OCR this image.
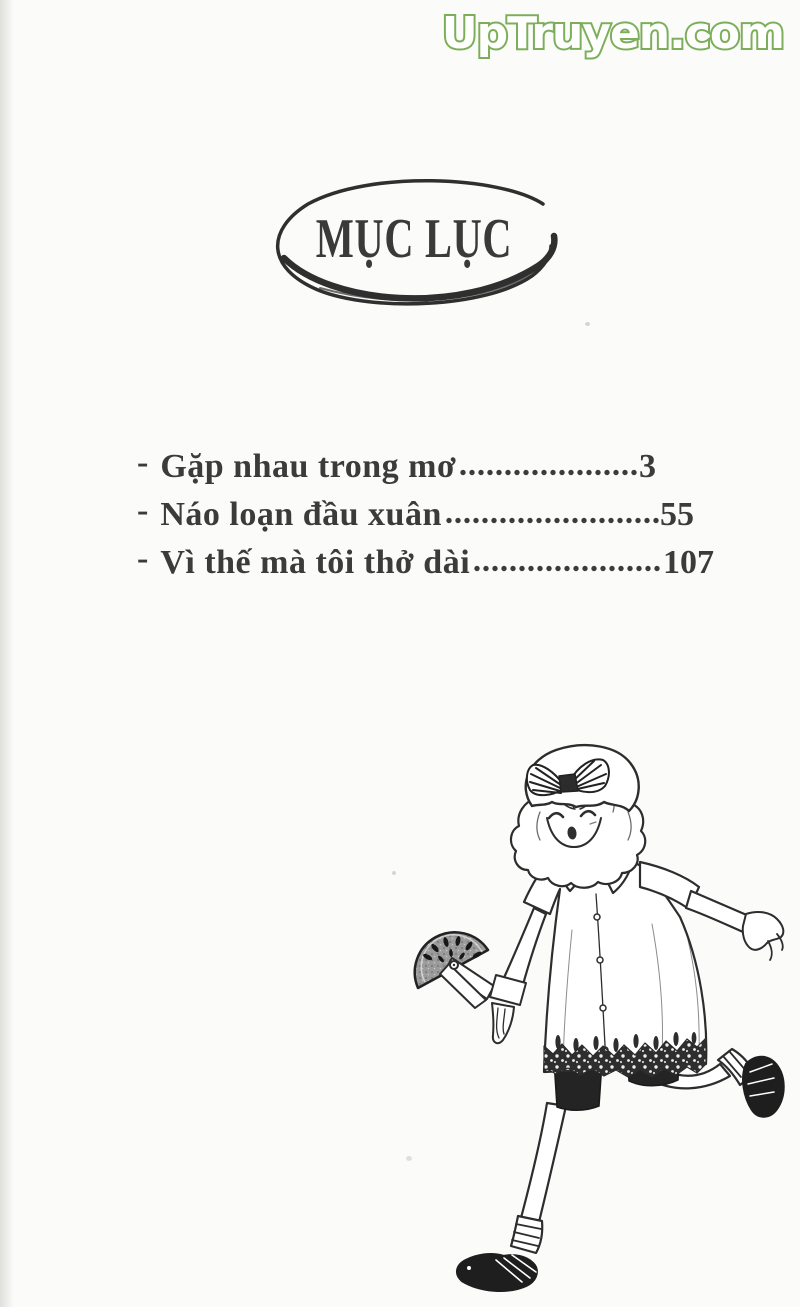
UpTruyen.com
MỤC LỤC
- Gặp nhau trong mơ	3
- Náo loạn đầu xuân	55
- Vì thế mà tôi thở dài	107
